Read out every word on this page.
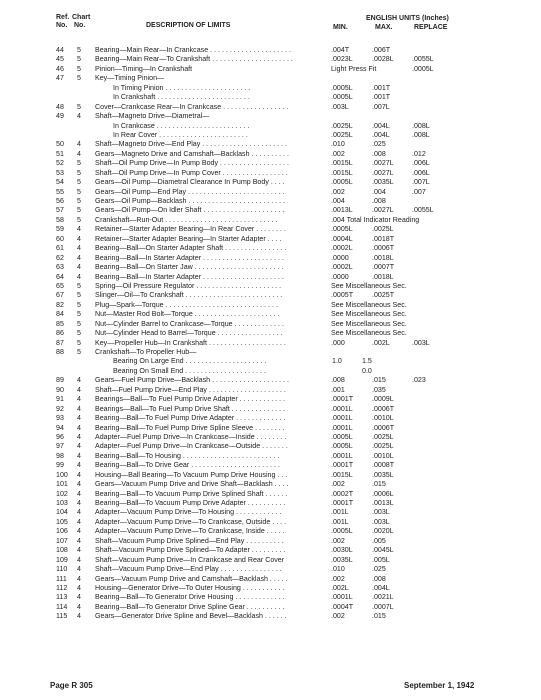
Ref. Chart
No. No.	DESCRIPTION OF LIMITS
ENGLISH UNITS (Inches)
MIN.	MAX.	REPLACE
44	5	Bearing—Main Rear—In Crankcase . . . . . . . . . . . . . . . . . . . . .	.004T	.006T
45	5	Bearing—Main Rear—To Crankshaft . . . . . . . . . . . . . . . . . . . . .	.0023L	.0028L	.0055L
46	5	Pinion—Timing—In Crankshaft	Light Press Fit	.0005L
47	5	Key—Timing Pinion—
In Timing Pinion . . . . . . . . . . . . . . . . . . . . . .	.0005L	.001T
In Crankshaft . . . . . . . . . . . . . . . . . . . . . . . .	.0005L	.001T
48	5	Cover—Crankcase Rear—In Crankcase . . . . . . . . . . . . . . . . .	.003L	.007L
49	4	Shaft—Magneto Drive—Diametral—
In Crankcase . . . . . . . . . . . . . . . . . . . . . . . .	.0025L	.004L	.008L
In Rear Cover . . . . . . . . . . . . . . . . . . . . . . .	.0025L	.004L	.008L
50	4	Shaft—Magneto Drive—End Play . . . . . . . . . . . . . . . . . . . . . .	.010	.025
51	4	Gears—Magneto Drive and Camshaft—Backlash . . . . . . . . . .	.002	.008	.012
52	5	Shaft—Oil Pump Drive—In Pump Body . . . . . . . . . . . . . . . . . .	.0015L	.0027L	.006L
53	5	Shaft—Oil Pump Drive—In Pump Cover . . . . . . . . . . . . . . . . .	.0015L	.0027L	.006L
54	5	Gears—Oil Pump—Diametral Clearance In Pump Body . . . .	.0005L	.0035L	.007L
55	5	Gears—Oil Pump—End Play . . . . . . . . . . . . . . . . . . . . . . . . .	.002	.004	.007
56	5	Gears—Oil Pump—Backlash . . . . . . . . . . . . . . . . . . . . . . . . .	.004	.008
57	5	Gears—Oil Pump—On Idler Shaft . . . . . . . . . . . . . . . . . . . . .	.0013L	.0027L	.0055L
58	5	Crankshaft—Run-Out . . . . . . . . . . . . . . . . . . . . . . . . . . . . .	.004 Total Indicator Reading
59	4	Retainer—Starter Adapter Bearing—In Rear Cover . . . . . . . .	.0005L	.0025L
60	4	Retainer—Starter Adapter Bearing—In Starter Adapter . . . .	.0004L	.0018T
61	4	Bearing—Ball—On Starter Adapter Shaft . . . . . . . . . . . . . . . .	.0002L	.0006T
62	4	Bearing—Ball—In Starter Adapter . . . . . . . . . . . . . . . . . . . . .	.0000	.0018L
63	4	Bearing—Ball—On Starter Jaw . . . . . . . . . . . . . . . . . . . . . . .	.0002L	.0007T
64	4	Bearing—Ball—In Starter Adapter . . . . . . . . . . . . . . . . . . . . .	.0000	.0018L
65	5	Spring—Oil Pressure Regulator . . . . . . . . . . . . . . . . . . . . . .	See Miscellaneous Sec.
67	5	Slinger—Oil—To Crankshaft . . . . . . . . . . . . . . . . . . . . . . . . .	.0005T	.0025T
82	5	Plug—Spark—Torque . . . . . . . . . . . . . . . . . . . . . . . . . . . . .	See Miscellaneous Sec.
84	5	Nut—Master Rod Bolt—Torque . . . . . . . . . . . . . . . . . . . . . .	See Miscellaneous Sec.
85	5	Nut—Cylinder Barrel to Crankcase—Torque . . . . . . . . . . . . .	See Miscellaneous Sec.
86	5	Nut—Cylinder Head to Barrel—Torque . . . . . . . . . . . . . . . . .	See Miscellaneous Sec.
87	5	Key—Propeller Hub—In Crankshaft . . . . . . . . . . . . . . . . . . . .	.000	.002L	.003L
88	5	Crankshaft—To Propeller Hub—
Bearing On Large End . . . . . . . . . . . . . . . . . . . . .	1.0	1.5
Bearing On Small End . . . . . . . . . . . . . . . . . . . . .	0.0
89	4	Gears—Fuel Pump Drive—Backlash . . . . . . . . . . . . . . . . . . . .	.008	.015	.023
90	4	Shaft—Fuel Pump Drive—End Play . . . . . . . . . . . . . . . . . . . .	.001	.035
91	4	Bearings—Ball—To Fuel Pump Drive Adapter . . . . . . . . . . . .	.0001T	.0009L
92	4	Bearings—Ball—To Fuel Pump Drive Shaft . . . . . . . . . . . . . .	.0001L	.0006T
93	4	Bearing—Ball—To Fuel Pump Drive Adapter . . . . . . . . . . . . .	.0001L	.0010L
94	4	Bearing—Ball—To Fuel Pump Drive Spline Sleeve . . . . . . . .	.0001L	.0006T
96	4	Adapter—Fuel Pump Drive—In Crankcase—Inside . . . . . . . .	.0005L	.0025L
97	4	Adapter—Fuel Pump Drive—In Crankcase—Outside . . . . . . .	.0005L	.0025L
98	4	Bearing—Ball—To Housing . . . . . . . . . . . . . . . . . . . . . . . . .	.0001L	.0010L
99	4	Bearing—Ball—To Drive Gear . . . . . . . . . . . . . . . . . . . . . . .	.0001T	.0008T
100	4	Housing—Ball Bearing—To Vacuum Pump Drive Housing . . .	.0015L	.0035L
101	4	Gears—Vacuum Pump Drive and Drive Shaft—Backlash . . . .	.002	.015
102	4	Bearing—Ball—To Vacuum Pump Drive Splined Shaft . . . . . .	.0002T	.0006L
103	4	Bearing—Ball—To Vacuum Pump Drive Adapter . . . . . . . . . .	.0001T	.0013L
104	4	Adapter—Vacuum Pump Drive—To Housing . . . . . . . . . . . .	.001L	.003L
105	4	Adapter—Vacuum Pump Drive—To Crankcase, Outside . . . .	.001L	.003L
106	4	Adapter—Vacuum Pump Drive—To Crankcase, Inside . . . . .	.0005L	.0020L
107	4	Shaft—Vacuum Pump Drive Splined—End Play . . . . . . . . . .	.002	.005
108	4	Shaft—Vacuum Pump Drive Splined—To Adapter . . . . . . . . .	.0030L	.0045L
109	4	Shaft—Vacuum Pump Drive—In Crankcase and Rear Cover	.0035L	.005L
110	4	Shaft—Vacuum Pump Drive—End Play . . . . . . . . . . . . . . . .	.010	.025
111	4	Gears—Vacuum Pump Drive and Camshaft—Backlash . . . . .	.002	.008
112	4	Housing—Generator Drive—To Outer Housing . . . . . . . . . . .	.002L	.004L
113	4	Bearing—Ball—To Generator Drive Housing . . . . . . . . . . . . .	.0001L	.0021L
114	4	Bearing—Ball—To Generator Drive Spline Gear . . . . . . . . . .	.0004T	.0007L
115	4	Gears—Generator Drive Spline and Bevel—Backlash . . . . . .	.002	.015
Page R 305	September 1, 1942
